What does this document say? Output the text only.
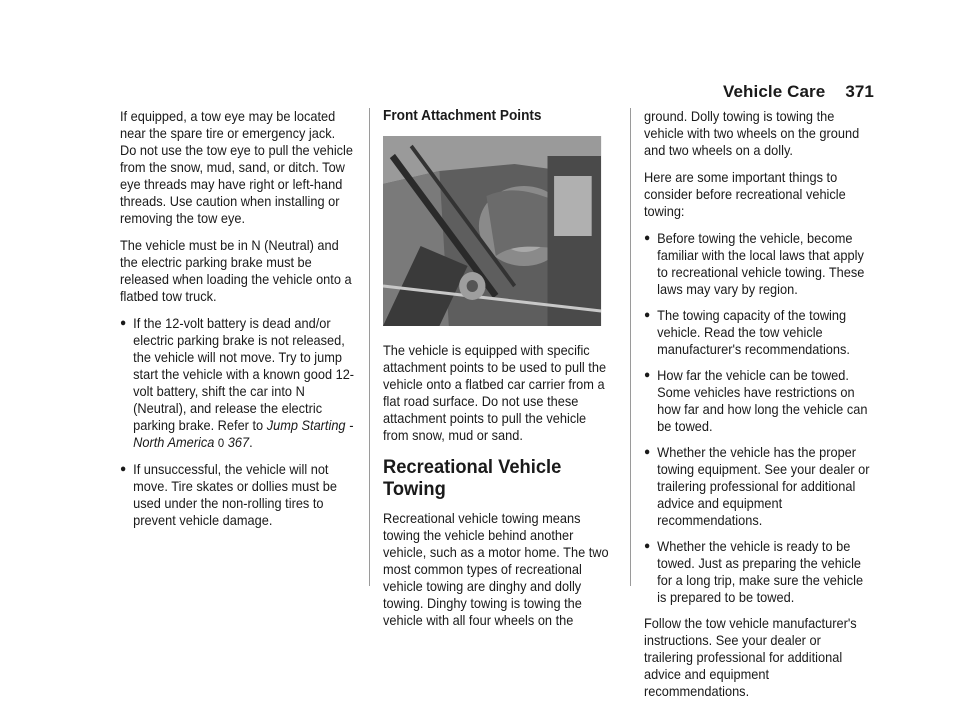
Vehicle Care 371

If equipped, a tow eye may be located near the spare tire or emergency jack. Do not use the tow eye to pull the vehicle from the snow, mud, sand, or ditch. Tow eye threads may have right or left-hand threads. Use caution when installing or removing the tow eye.

The vehicle must be in N (Neutral) and the electric parking brake must be released when loading the vehicle onto a flatbed tow truck.

● If the 12-volt battery is dead and/or electric parking brake is not released, the vehicle will not move. Try to jump start the vehicle with a known good 12-volt battery, shift the car into N (Neutral), and release the electric parking brake. Refer to Jump Starting - North America 0 367.
● If unsuccessful, the vehicle will not move. Tire skates or dollies must be used under the non-rolling tires to prevent vehicle damage.
Front Attachment Points

The vehicle is equipped with specific attachment points to be used to pull the vehicle onto a flatbed car carrier from a flat road surface. Do not use these attachment points to pull the vehicle from snow, mud or sand.

Recreational Vehicle Towing

Recreational vehicle towing means towing the vehicle behind another vehicle, such as a motor home. The two most common types of recreational vehicle towing are dinghy and dolly towing. Dinghy towing is towing the vehicle with all four wheels on the

ground. Dolly towing is towing the vehicle with two wheels on the ground and two wheels on a dolly.

Here are some important things to consider before recreational vehicle towing:

● Before towing the vehicle, become familiar with the local laws that apply to recreational vehicle towing. These laws may vary by region.
● The towing capacity of the towing vehicle. Read the tow vehicle manufacturer's recommendations.
● How far the vehicle can be towed. Some vehicles have restrictions on how far and how long the vehicle can be towed.
● Whether the vehicle has the proper towing equipment. See your dealer or trailering professional for additional advice and equipment recommendations.
● Whether the vehicle is ready to be towed. Just as preparing the vehicle for a long trip, make sure the vehicle is prepared to be towed.

Follow the tow vehicle manufacturer's instructions. See your dealer or trailering professional for additional advice and equipment recommendations.
